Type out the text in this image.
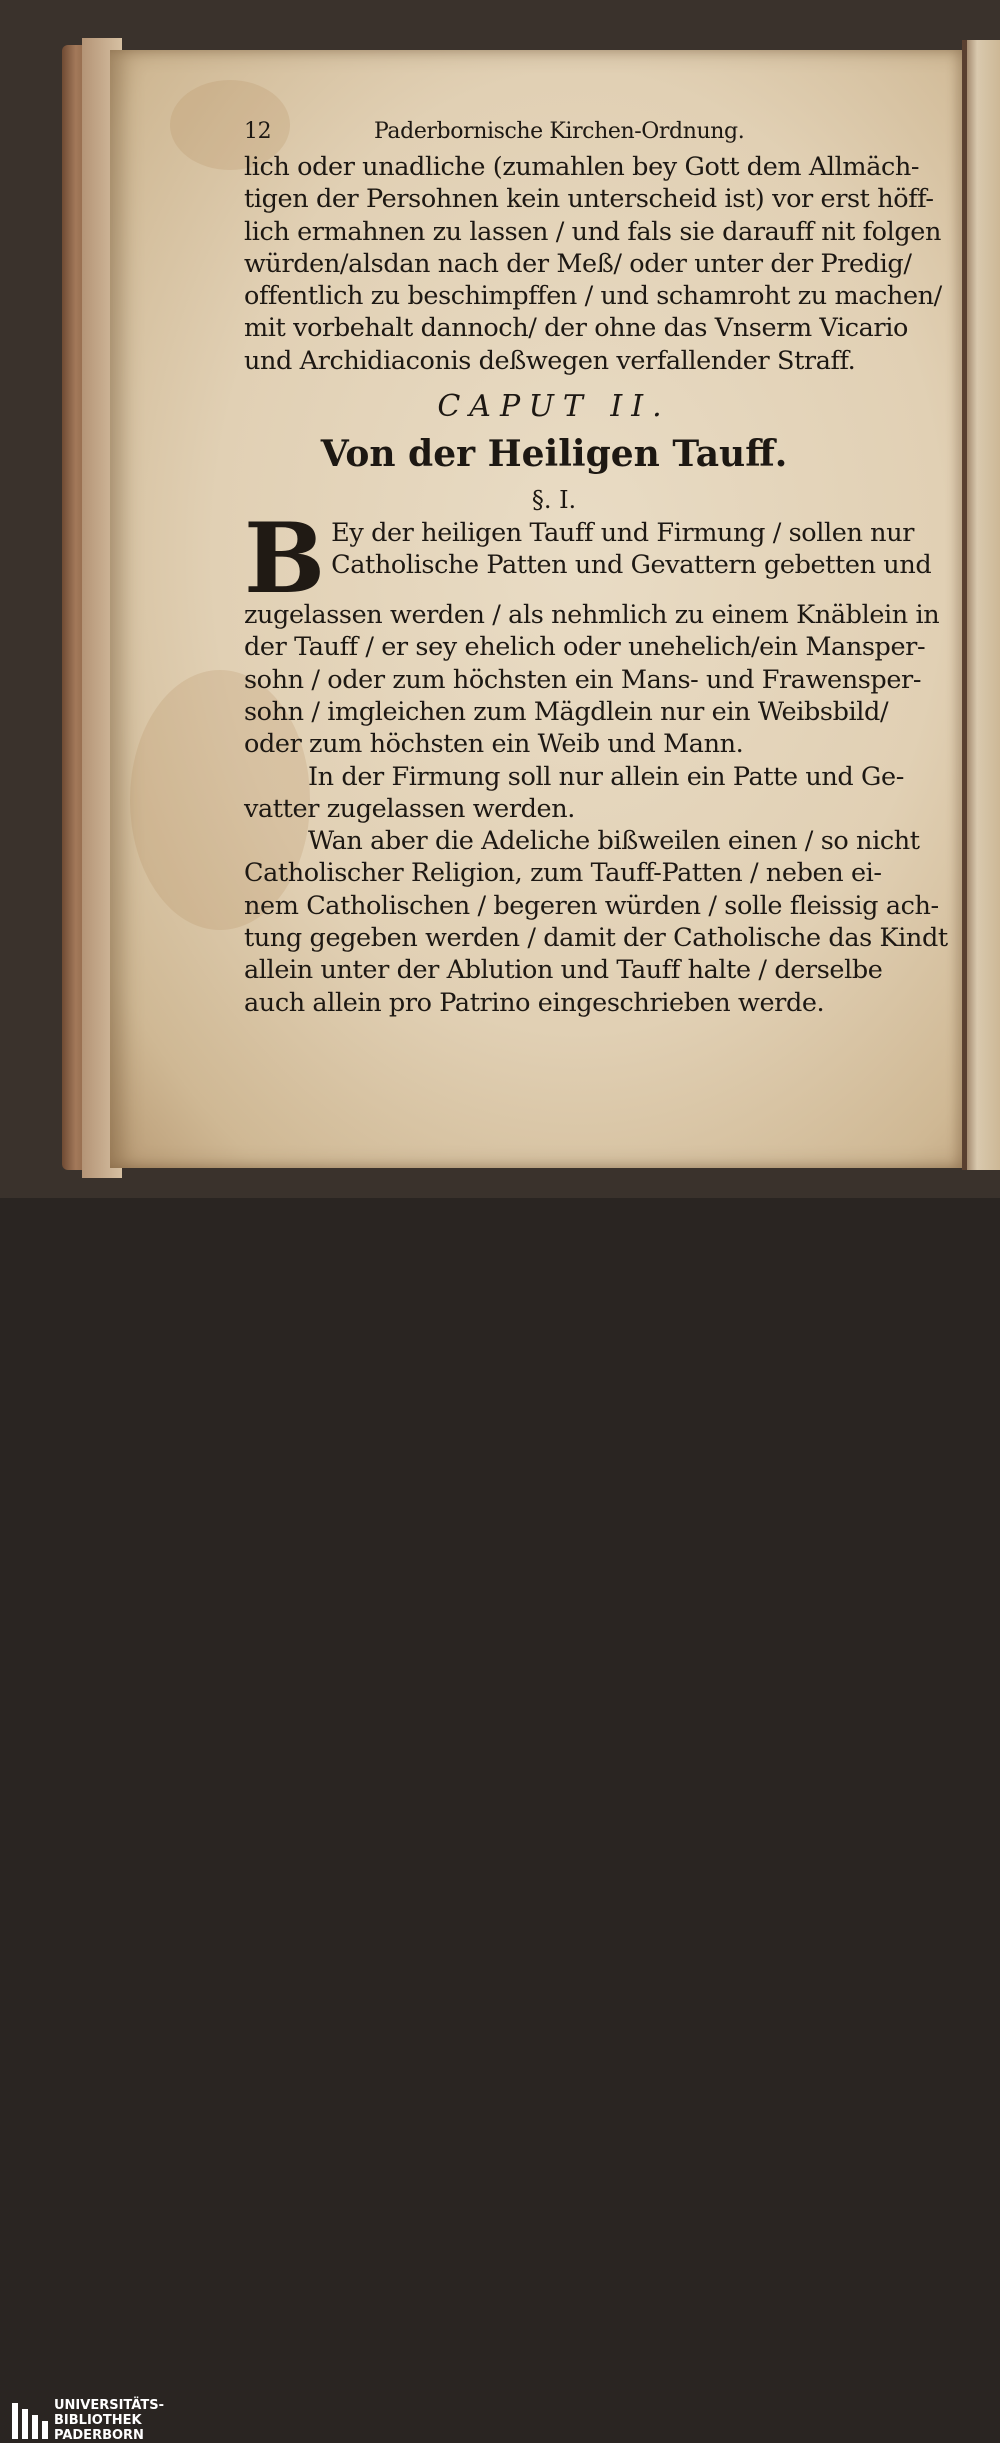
12	Paderbornische Kirchen-Ordnung.
lich oder unadliche (zumahlen bey Gott dem Allmäch-
tigen der Persohnen kein unterscheid ist) vor erst höff-
lich ermahnen zu lassen / und fals sie darauff nit folgen
würden/alsdan nach der Meß/ oder unter der Predig/
offentlich zu beschimpffen / und schamroht zu machen/
mit vorbehalt dannoch/ der ohne das Vnserm Vicario
und Archidiaconis deßwegen verfallender Straff.
CAPUT II.
Von der Heiligen Tauff.
§. I.
B Ey der heiligen Tauff und Firmung / sollen nur
Catholische Patten und Gevattern gebetten und
zugelassen werden / als nehmlich zu einem Knäblein in
der Tauff / er sey ehelich oder unehelich/ein Mansper-
sohn / oder zum höchsten ein Mans- und Frawensper-
sohn / imgleichen zum Mägdlein nur ein Weibsbild/
oder zum höchsten ein Weib und Mann.
In der Firmung soll nur allein ein Patte und Ge-
vatter zugelassen werden.
Wan aber die Adeliche bißweilen einen / so nicht
Catholischer Religion, zum Tauff-Patten / neben ei-
nem Catholischen / begeren würden / solle fleissig ach-
tung gegeben werden / damit der Catholische das Kindt
allein unter der Ablution und Tauff halte / derselbe
auch allein pro Patrino eingeschrieben werde.
UNIVERSITÄTS-
BIBLIOTHEK
PADERBORN
